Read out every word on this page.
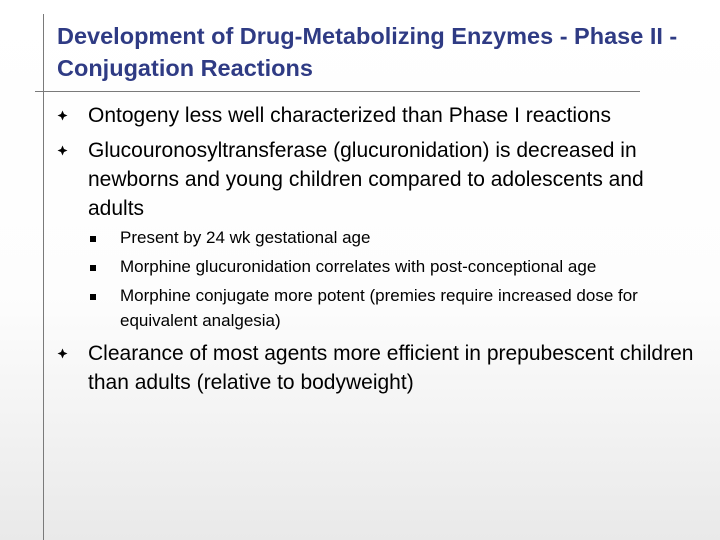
Development of Drug-Metabolizing Enzymes - Phase II - Conjugation Reactions
Ontogeny less well characterized than Phase I reactions
Glucouronosyltransferase (glucuronidation) is decreased in newborns and young children compared to adolescents and adults
Present by 24 wk gestational age
Morphine glucuronidation correlates with post-conceptional age
Morphine conjugate more potent (premies require increased dose for equivalent analgesia)
Clearance of most agents more efficient in prepubescent children than adults (relative to bodyweight)
